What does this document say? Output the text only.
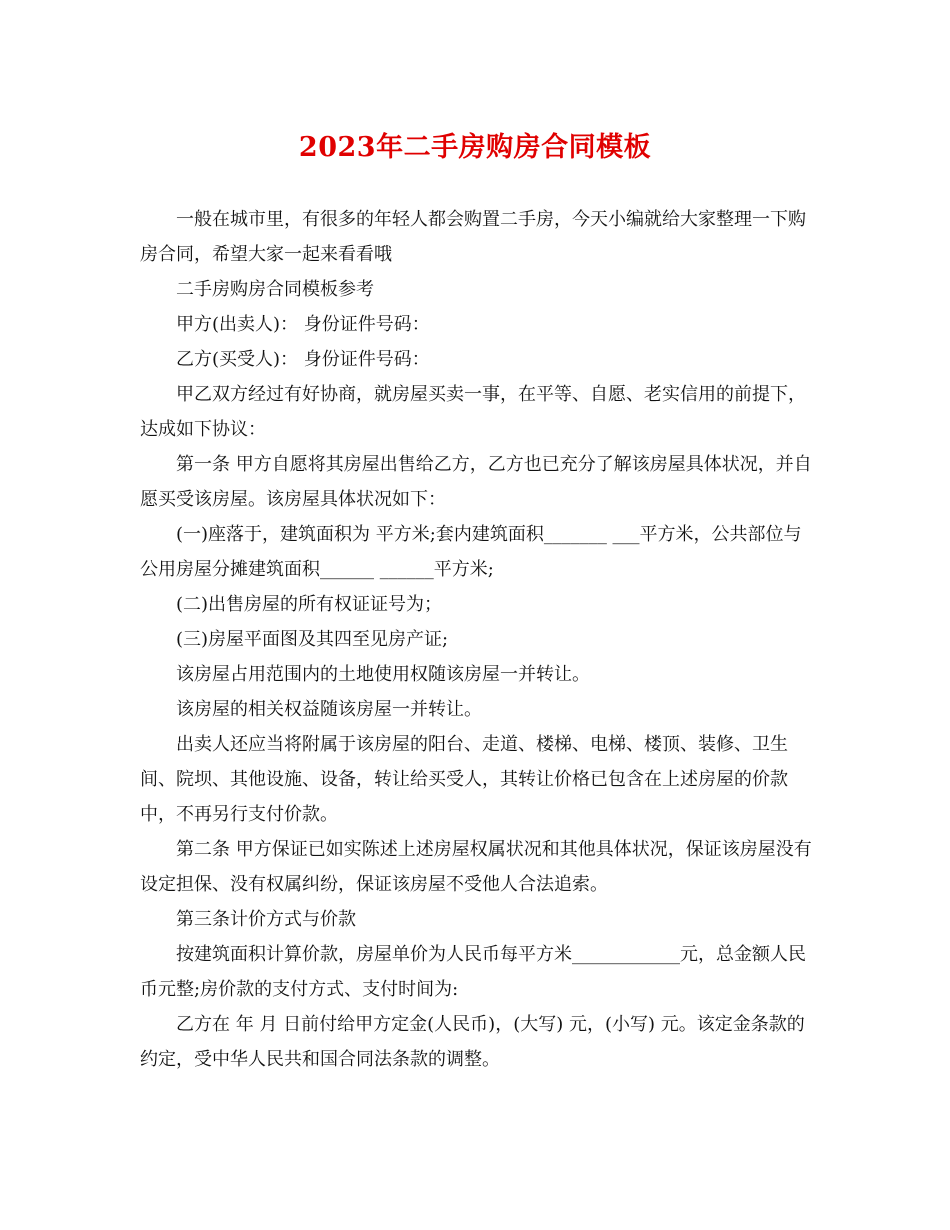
2023年二手房购房合同模板

一般在城市里，有很多的年轻人都会购置二手房，今天小编就给大家整理一下购房合同，希望大家一起来看看哦

二手房购房合同模板参考

甲方(出卖人)： 身份证件号码：

乙方(买受人)： 身份证件号码：

甲乙双方经过有好协商，就房屋买卖一事，在平等、自愿、老实信用的前提下，达成如下协议：

第一条 甲方自愿将其房屋出售给乙方，乙方也已充分了解该房屋具体状况，并自愿买受该房屋。该房屋具体状况如下：

(一)座落于，建筑面积为 平方米;套内建筑面积_______ ___平方米，公共部位与公用房屋分摊建筑面积______ ______平方米;

(二)出售房屋的所有权证证号为；

(三)房屋平面图及其四至见房产证;

该房屋占用范围内的土地使用权随该房屋一并转让。

该房屋的相关权益随该房屋一并转让。

出卖人还应当将附属于该房屋的阳台、走道、楼梯、电梯、楼顶、装修、卫生间、院坝、其他设施、设备，转让给买受人，其转让价格已包含在上述房屋的价款中，不再另行支付价款。

第二条 甲方保证已如实陈述上述房屋权属状况和其他具体状况，保证该房屋没有设定担保、没有权属纠纷，保证该房屋不受他人合法追索。

第三条计价方式与价款

按建筑面积计算价款，房屋单价为人民币每平方米____________元，总金额人民币元整;房价款的支付方式、支付时间为:

乙方在 年 月 日前付给甲方定金(人民币)，(大写) 元，(小写) 元。该定金条款的约定，受中华人民共和国合同法条款的调整。
